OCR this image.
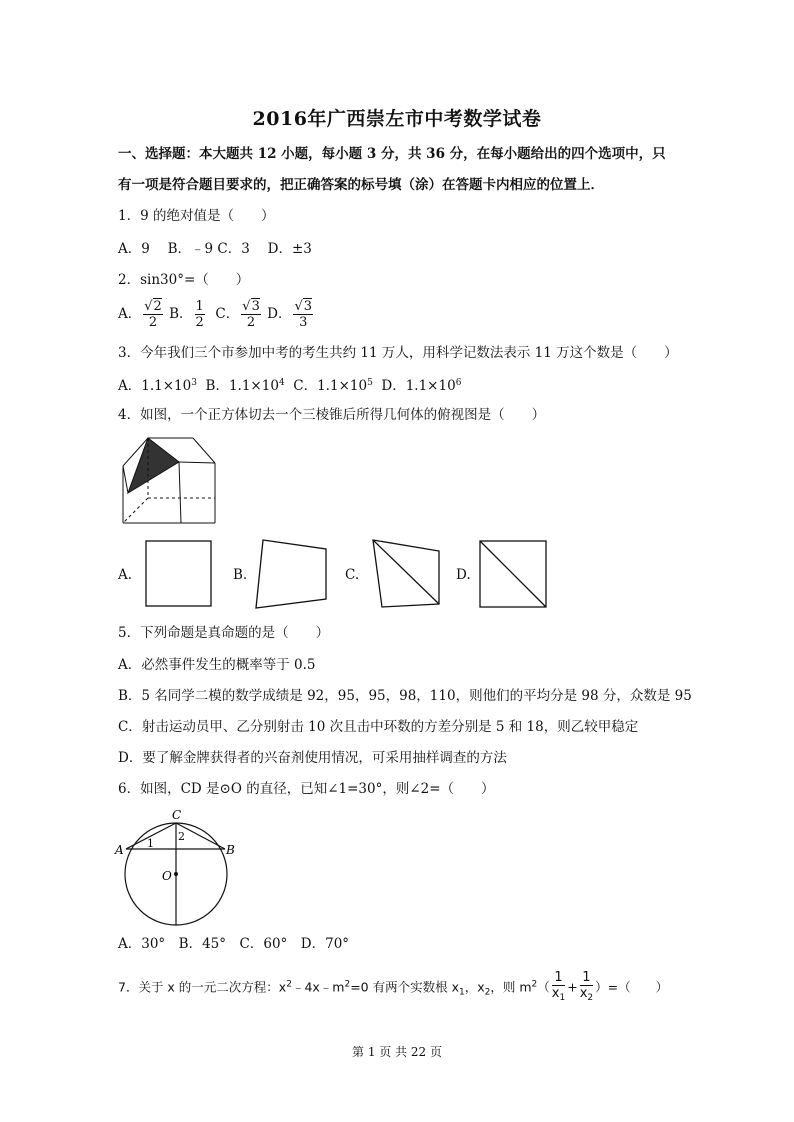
2016年广西崇左市中考数学试卷
一、选择题：本大题共 12 小题，每小题 3 分，共 36 分，在每小题给出的四个选项中，只
有一项是符合题目要求的，把正确答案的标号填（涂）在答题卡内相应的位置上．
1．9 的绝对值是（　　）
A．9　 B．﹣9 C．3　 D．±3
2．sin30°=（　　）
A． $\frac{√2}{2}$ B． $\frac{1}{2}$ C． $\frac{√3}{2}$ D． $\frac{√3}{3}$
3．今年我们三个市参加中考的考生共约 11 万人，用科学记数法表示 11 万这个数是（　　）
A．$1.1\times 10^3$ B．$1.1\times 10^4$ C．$1.1\times 10^5$ D．$1.1\times 10^6$
4．如图，一个正方体切去一个三棱锥后所得几何体的俯视图是（　　）
A.	B.	C.	D.
5．下列命题是真命题的是（　　）
A．必然事件发生的概率等于 0.5
B．5 名同学二模的数学成绩是 92，95，95，98，110，则他们的平均分是 98 分，众数是 95
C．射击运动员甲、乙分别射击 10 次且击中环数的方差分别是 5 和 18，则乙较甲稳定
D．要了解金牌获得者的兴奋剂使用情况，可采用抽样调查的方法
6．如图，CD 是⊙O 的直径，已知∠1=30°，则∠2=（　　）
C
A	B
O
1
2
A．30°　B．45°　C．60°　D．70°
7．关于 x 的一元二次方程：$x^2﹣4x﹣m^2=0$ 有两个实数根 $x_1$，$x_2$，则 $m^2( \frac{1}{x_1} + \frac{1}{x_2}$ ）=（　　）
第 1 页 共 22 页
